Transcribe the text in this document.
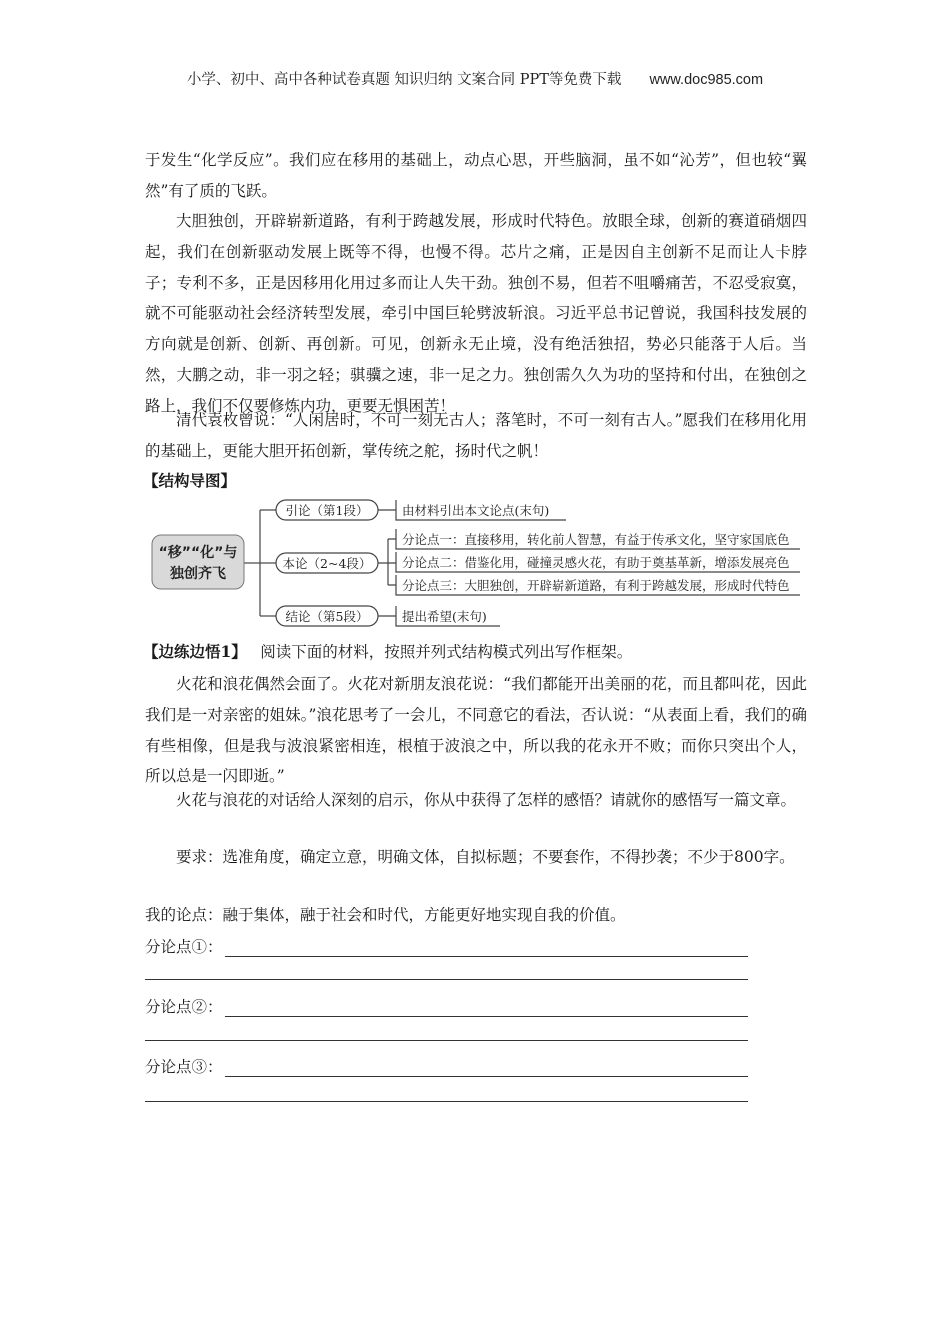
小学、初中、高中各种试卷真题 知识归纳 文案合同 PPT等免费下载 www.doc985.com

于发生“化学反应”。我们应在移用的基础上，动点心思，开些脑洞，虽不如“沁芳”，但也较“翼然”有了质的飞跃。

大胆独创，开辟崭新道路，有利于跨越发展，形成时代特色。放眼全球，创新的赛道硝烟四起，我们在创新驱动发展上既等不得，也慢不得。芯片之痛，正是因自主创新不足而让人卡脖子；专利不多，正是因移用化用过多而让人失干劲。独创不易，但若不咀嚼痛苦，不忍受寂寞，就不可能驱动社会经济转型发展，牵引中国巨轮劈波斩浪。习近平总书记曾说，我国科技发展的方向就是创新、创新、再创新。可见，创新永无止境，没有绝活独招，势必只能落于人后。当然，大鹏之动，非一羽之轻；骐骥之速，非一足之力。独创需久久为功的坚持和付出，在独创之路上，我们不仅要修炼内功，更要无惧困苦！

清代袁枚曾说：“人闲居时，不可一刻无古人；落笔时，不可一刻有古人。”愿我们在移用化用的基础上，更能大胆开拓创新，掌传统之舵，扬时代之帆！

【结构导图】
“移”“化”与
独创齐飞
引论（第1段）
本论（2~4段）
结论（第5段）
由材料引出本文论点(末句)
分论点一：直接移用，转化前人智慧，有益于传承文化，坚守家国底色
分论点二：借鉴化用，碰撞灵感火花，有助于奠基革新，增添发展亮色
分论点三：大胆独创，开辟崭新道路，有利于跨越发展，形成时代特色
提出希望(末句)
【边练边悟1】 阅读下面的材料，按照并列式结构模式列出写作框架。

火花和浪花偶然会面了。火花对新朋友浪花说：“我们都能开出美丽的花，而且都叫花，因此我们是一对亲密的姐妹。”浪花思考了一会儿，不同意它的看法，否认说：“从表面上看，我们的确有些相像，但是我与波浪紧密相连，根植于波浪之中，所以我的花永开不败；而你只突出个人，所以总是一闪即逝。”

火花与浪花的对话给人深刻的启示，你从中获得了怎样的感悟？请就你的感悟写一篇文章。

要求：选准角度，确定立意，明确文体，自拟标题；不要套作，不得抄袭；不少于800字。

我的论点：融于集体，融于社会和时代，方能更好地实现自我的价值。

分论点①：
分论点②：
分论点③：
